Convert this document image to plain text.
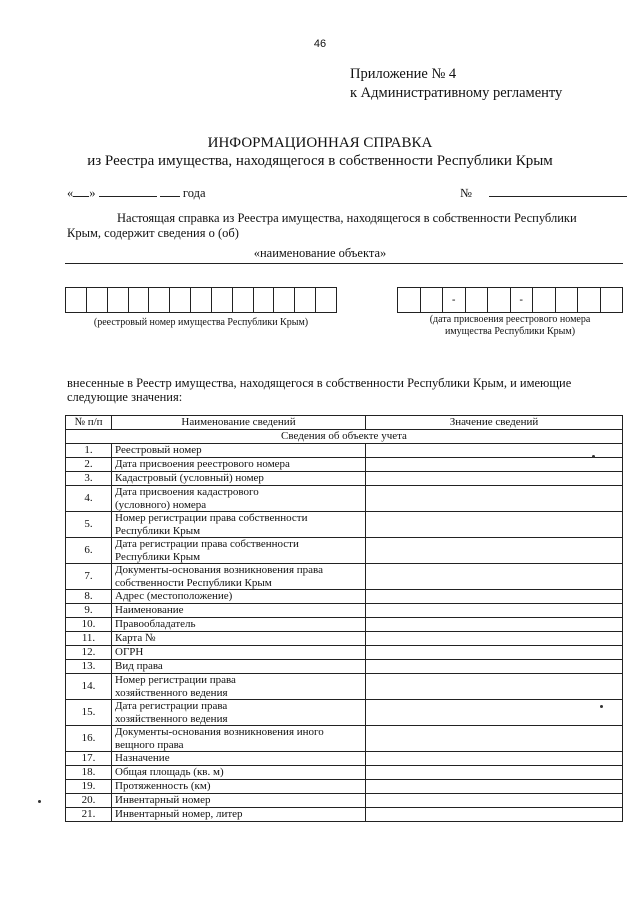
46
Приложение № 4
к Административному регламенту
ИНФОРМАЦИОННАЯ СПРАВКА
из Реестра имущества, находящегося в собственности Республики Крым
« »	года	№
Настоящая справка из Реестра имущества, находящегося в собственности Республики
Крым, содержит сведения о (об)
«наименование объекта»
(реестровый номер имущества Республики Крым)
-	-
(дата присвоения реестрового номера
имущества Республики Крым)
внесенные в Реестр имущества, находящегося в собственности Республики Крым, и имеющие
следующие значения:
№ п/п	Наименование сведений	Значение сведений
Сведения об объекте учета		
1.	Реестровый номер	

2.	Дата присвоения реестрового номера	

3.	Кадастровый (условный) номер	

4.	Дата присвоения кадастрового
(условного) номера	

5.	Номер регистрации права собственности
Республики Крым	

6.	Дата регистрации права собственности
Республики Крым	

7.	Документы-основания возникновения права
собственности Республики Крым	

8.	Адрес (местоположение)	

9.	Наименование	

10.	Правообладатель	

11.	Карта №	

12.	ОГРН	

13.	Вид права	

14.	Номер регистрации права
хозяйственного ведения	

15.	Дата регистрации права
хозяйственного ведения	

16.	Документы-основания возникновения иного
вещного права	

17.	Назначение	

18.	Общая площадь (кв. м)	

19.	Протяженность (км)	

20.	Инвентарный номер	

21.	Инвентарный номер, литер	
